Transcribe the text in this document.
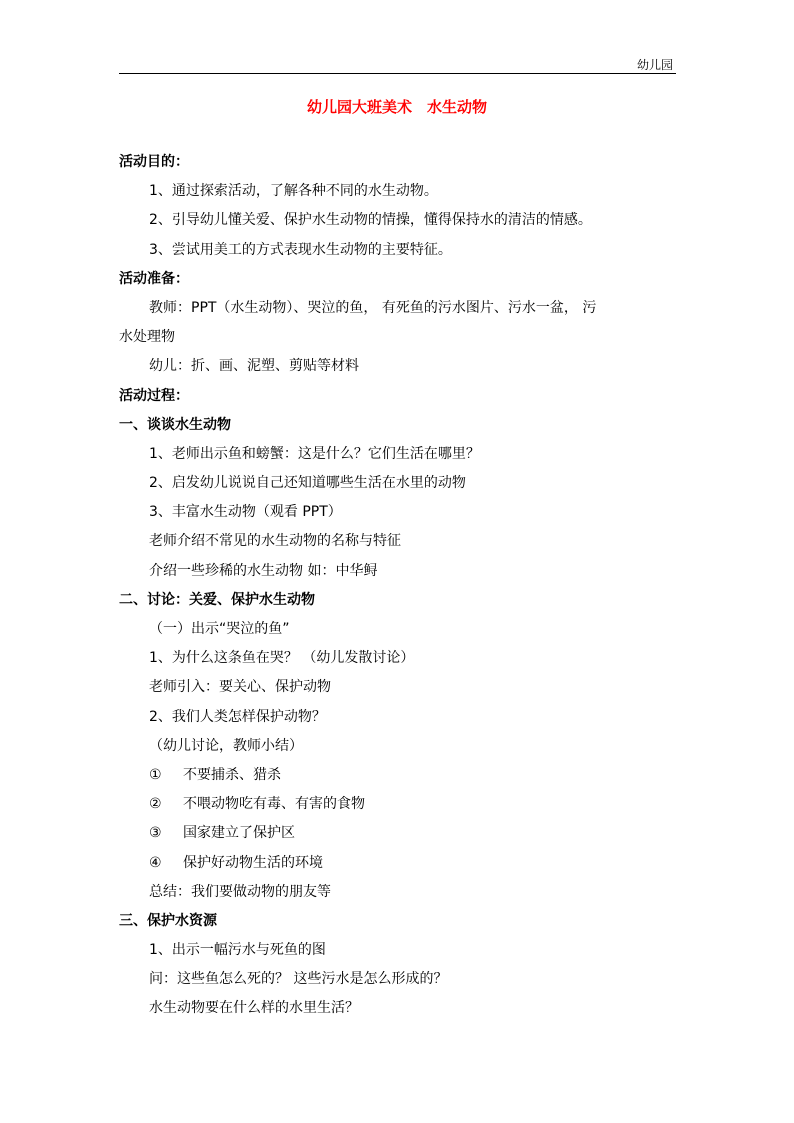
幼儿园
幼儿园大班美术　水生动物
活动目的：
1、通过探索活动，了解各种不同的水生动物。
2、引导幼儿懂关爱、保护水生动物的情操，懂得保持水的清洁的情感。
3、尝试用美工的方式表现水生动物的主要特征。
活动准备：
教师：PPT（水生动物）、哭泣的鱼， 有死鱼的污水图片、污水一盆， 污
水处理物
幼儿：折、画、泥塑、剪贴等材料
活动过程：
一、谈谈水生动物
1、老师出示鱼和螃蟹：这是什么？它们生活在哪里？
2、启发幼儿说说自己还知道哪些生活在水里的动物
3、丰富水生动物（观看 PPT）
老师介绍不常见的水生动物的名称与特征
介绍一些珍稀的水生动物 如：中华鲟
二、讨论：关爱、保护水生动物
（一）出示“哭泣的鱼”
1、为什么这条鱼在哭？ （幼儿发散讨论）
老师引入：要关心、保护动物
2、我们人类怎样保护动物？
（幼儿讨论，教师小结）
① 不要捕杀、猎杀
② 不喂动物吃有毒、有害的食物
③ 国家建立了保护区
④ 保护好动物生活的环境
总结：我们要做动物的朋友等
三、保护水资源
1、出示一幅污水与死鱼的图
问：这些鱼怎么死的？ 这些污水是怎么形成的？
水生动物要在什么样的水里生活？
